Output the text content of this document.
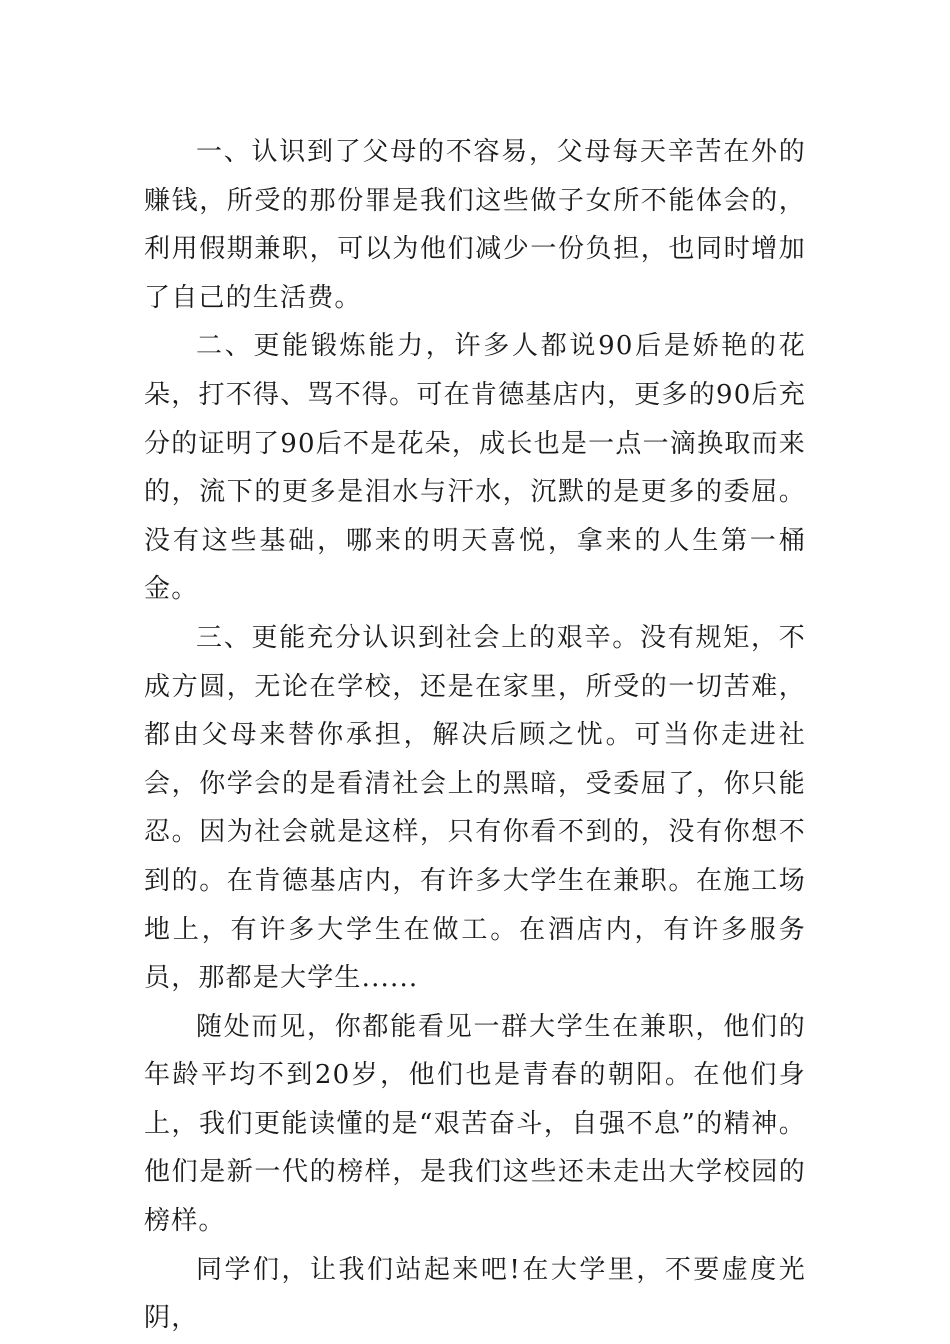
一、认识到了父母的不容易，父母每天辛苦在外的赚钱，所受的那份罪是我们这些做子女所不能体会的，利用假期兼职，可以为他们减少一份负担，也同时增加了自己的生活费。

二、更能锻炼能力，许多人都说90后是娇艳的花朵，打不得、骂不得。可在肯德基店内，更多的90后充分的证明了90后不是花朵，成长也是一点一滴换取而来的，流下的更多是泪水与汗水，沉默的是更多的委屈。没有这些基础，哪来的明天喜悦，拿来的人生第一桶金。

三、更能充分认识到社会上的艰辛。没有规矩，不成方圆，无论在学校，还是在家里，所受的一切苦难，都由父母来替你承担，解决后顾之忧。可当你走进社会，你学会的是看清社会上的黑暗，受委屈了，你只能忍。因为社会就是这样，只有你看不到的，没有你想不到的。在肯德基店内，有许多大学生在兼职。在施工场地上，有许多大学生在做工。在酒店内，有许多服务员，那都是大学生......

随处而见，你都能看见一群大学生在兼职，他们的年龄平均不到20岁，他们也是青春的朝阳。在他们身上，我们更能读懂的是“艰苦奋斗，自强不息”的精神。他们是新一代的榜样，是我们这些还未走出大学校园的榜样。

同学们，让我们站起来吧!在大学里，不要虚度光阴，
